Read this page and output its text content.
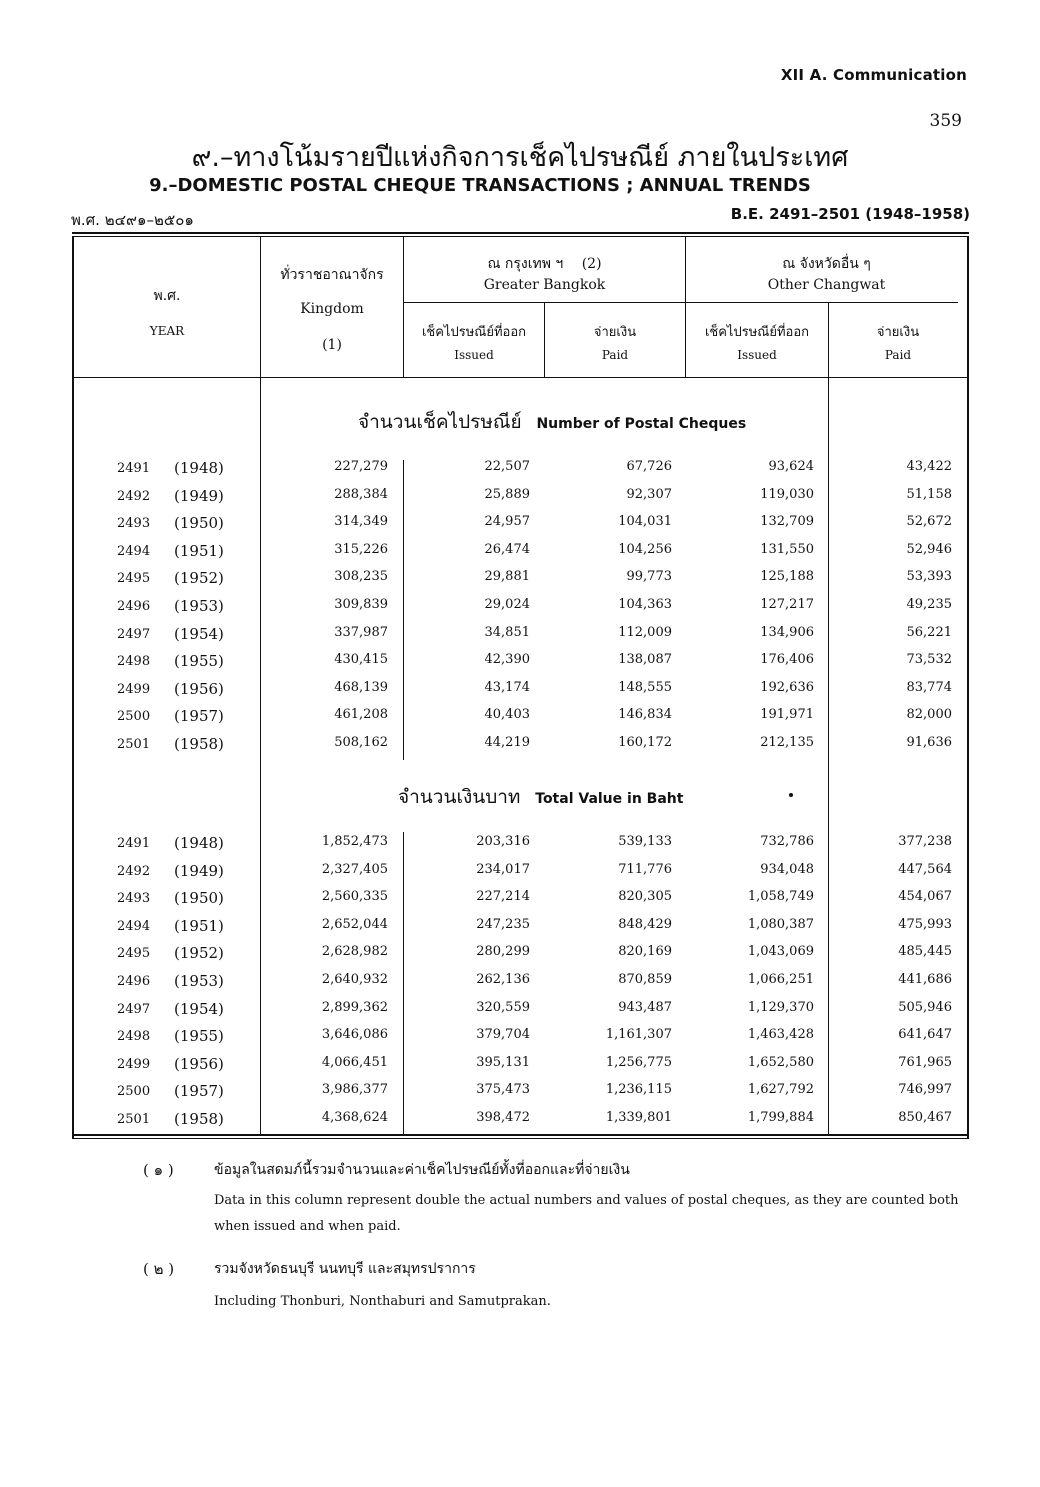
XII A. Communication
359
๙.–ทางโน้มรายปีแห่งกิจการเช็คไปรษณีย์ ภายในประเทศ
9.–DOMESTIC POSTAL CHEQUE TRANSACTIONS ; ANNUAL TRENDS
พ.ศ. ๒๔๙๑–๒๕๐๑	B.E. 2491–2501 (1948–1958)
พ.ศ.
YEAR
ทั่วราชอาณาจักร
Kingdom
(1)
ณ กรุงเทพ ฯ (2)
Greater Bangkok
ณ จังหวัดอื่น ๆ
Other Changwat
เช็คไปรษณีย์ที่ออก
Issued
จ่ายเงิน
Paid
เช็คไปรษณีย์ที่ออก
Issued
จ่ายเงิน
Paid
จำนวนเช็คไปรษณีย์ Number of Postal Cheques
จำนวนเงินบาท Total Value in Baht
2491 (1948)	227,279	22,507	67,726	93,624	43,422
2492 (1949)	288,384	25,889	92,307	119,030	51,158
2493 (1950)	314,349	24,957	104,031	132,709	52,672
2494 (1951)	315,226	26,474	104,256	131,550	52,946
2495 (1952)	308,235	29,881	99,773	125,188	53,393
2496 (1953)	309,839	29,024	104,363	127,217	49,235
2497 (1954)	337,987	34,851	112,009	134,906	56,221
2498 (1955)	430,415	42,390	138,087	176,406	73,532
2499 (1956)	468,139	43,174	148,555	192,636	83,774
2500 (1957)	461,208	40,403	146,834	191,971	82,000
2501 (1958)	508,162	44,219	160,172	212,135	91,636
2491 (1948)	1,852,473	203,316	539,133	732,786	377,238
2492 (1949)	2,327,405	234,017	711,776	934,048	447,564
2493 (1950)	2,560,335	227,214	820,305	1,058,749	454,067
2494 (1951)	2,652,044	247,235	848,429	1,080,387	475,993
2495 (1952)	2,628,982	280,299	820,169	1,043,069	485,445
2496 (1953)	2,640,932	262,136	870,859	1,066,251	441,686
2497 (1954)	2,899,362	320,559	943,487	1,129,370	505,946
2498 (1955)	3,646,086	379,704	1,161,307	1,463,428	641,647
2499 (1956)	4,066,451	395,131	1,256,775	1,652,580	761,965
2500 (1957)	3,986,377	375,473	1,236,115	1,627,792	746,997
2501 (1958)	4,368,624	398,472	1,339,801	1,799,884	850,467
( ๑ )	ข้อมูลในสดมภ์นี้รวมจำนวนและค่าเช็คไปรษณีย์ทั้งที่ออกและที่จ่ายเงิน
Data in this column represent double the actual numbers and values of postal cheques, as they are counted both when issued and when paid.
( ๒ )	รวมจังหวัดธนบุรี นนทบุรี และสมุทรปราการ
Including Thonburi, Nonthaburi and Samutprakan.
